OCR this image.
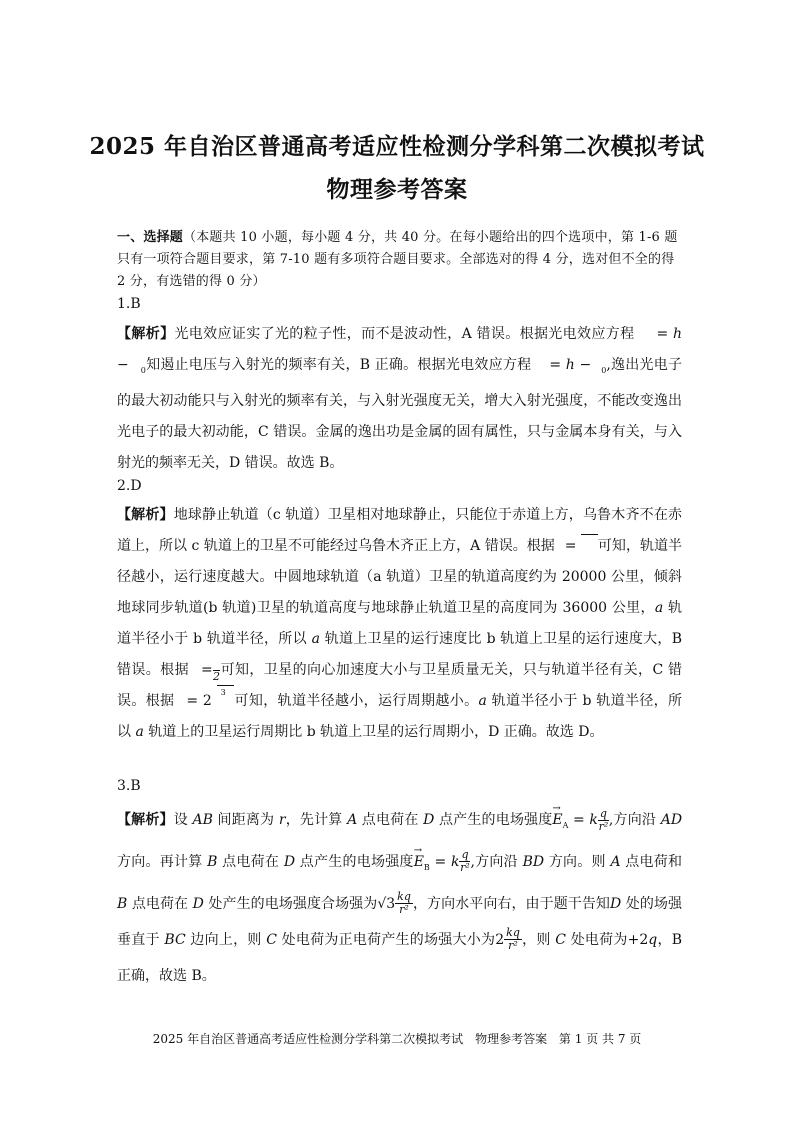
2025 年自治区普通高考适应性检测分学科第二次模拟考试
物理参考答案
一、选择题（本题共 10 小题，每小题 4 分，共 40 分。在每小题给出的四个选项中，第 1-6 题只有一项符合题目要求，第 7-10 题有多项符合题目要求。全部选对的得 4 分，选对但不全的得 2 分，有选错的得 0 分）
1.B
【解析】光电效应证实了光的粒子性，而不是波动性，A 错误。根据光电效应方程 = h − $_0$知遏止电压与入射光的频率有关，B 正确。根据光电效应方程 = h − $_0$,逸出光电子的最大初动能只与入射光的频率有关，与入射光强度无关，增大入射光强度，不能改变逸出光电子的最大初动能，C 错误。金属的逸出功是金属的固有属性，只与金属本身有关，与入射光的频率无关，D 错误。故选 B。
2.D
【解析】地球静止轨道（c 轨道）卫星相对地球静止，只能位于赤道上方，乌鲁木齐不在赤道上，所以 c 轨道上的卫星不可能经过乌鲁木齐正上方，A 错误。根据 = 可知，轨道半径越小，运行速度越大。中圆地球轨道（a 轨道）卫星的轨道高度约为 20000 公里，倾斜地球同步轨道(b 轨道)卫星的轨道高度与地球静止轨道卫星的高度同为 36000 公里，a 轨道半径小于 b 轨道半径，所以 a 轨道上卫星的运行速度比 b 轨道上卫星的运行速度大，B 错误。根据 =
2 可知，卫星的向心加速度大小与卫星质量无关，只与轨道半径有关，C 错误。根据 = 2 $^3$ 可知，轨道半径越小，运行周期越小。a 轨道半径小于 b 轨道半径，所以 a 轨道上的卫星运行周期比 b 轨道上卫星的运行周期小，D 正确。故选 D。
3.B
【解析】设 AB 间距离为 r，先计算 A 点电荷在 D 点产生的电场强度→ $E_A = k \frac{q}{\text{r²}}$ ,方向沿 AD方向。再计算 B 点电荷在 D 点产生的电场强度→ $E_B = k \frac{q}{\text{r²}}$ ,方向沿 BD 方向。则 A 点电荷和 B 点电荷在 D 处产生的电场强度合场强为$√3 \frac{kq}{\text{r²}}$ ，方向水平向右，由于题干告知D 处的场强垂直于 BC 边向上，则 C 处电荷为正电荷产生的场强大小为$2 \frac{kq}{\text{r²}}$ ，则 C 处电荷为+2q，B 正确，故选 B。
2025 年自治区普通高考适应性检测分学科第二次模拟考试　物理参考答案 第 1 页 共 7 页
